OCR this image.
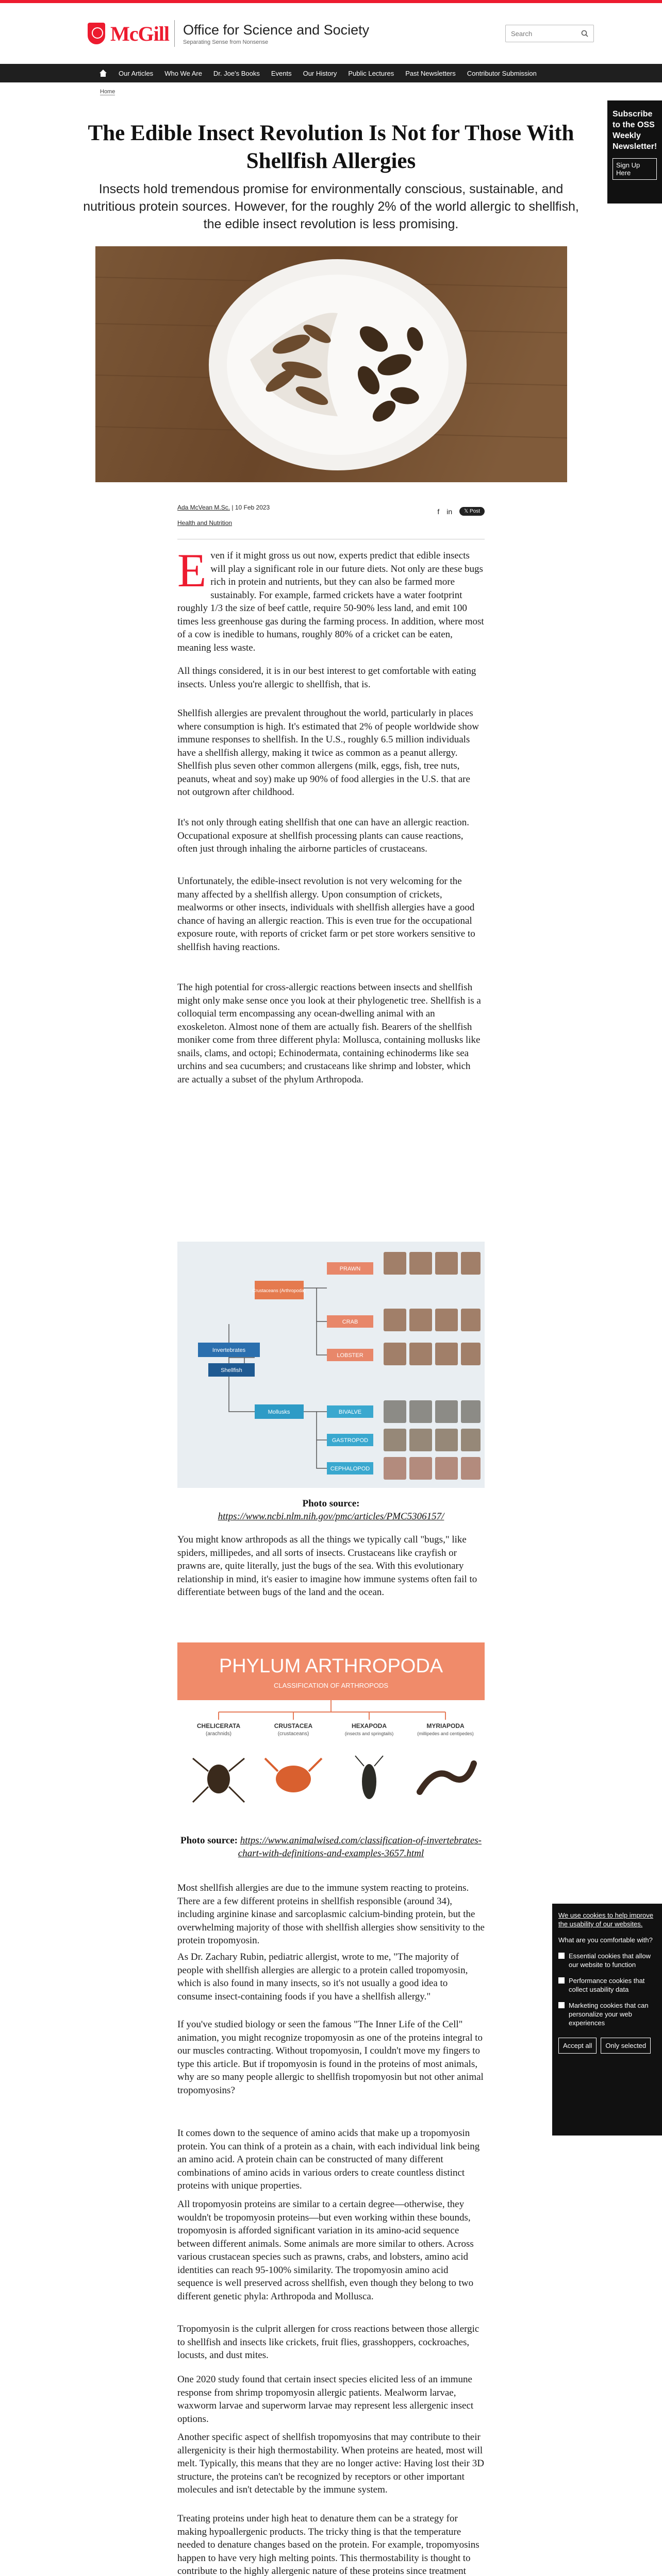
McGill Office for Science and Society
Separating Sense from Nonsense
Search
Our Articles Who We Are Dr. Joe's Books Events Our History Public Lectures Past Newsletters Contributor Submission
Home
Subscribe to the OSS Weekly Newsletter!
Sign Up Here
The Edible Insect Revolution Is Not for Those With Shellfish Allergies
Insects hold tremendous promise for environmentally conscious, sustainable, and nutritious protein sources. However, for the roughly 2% of the world allergic to shellfish, the edible insect revolution is less promising.
Ada McVean M.Sc. | 10 Feb 2023
Health and Nutrition
f in	𝕏 Post
E ven if it might gross us out now, experts predict that edible insects will play a significant role in our future diets. Not only are these bugs rich in protein and nutrients, but they can also be farmed more sustainably. For example, farmed crickets have a water footprint roughly 1/3 the size of beef cattle, require 50-90% less land, and emit 100 times less greenhouse gas during the farming process. In addition, where most of a cow is inedible to humans, roughly 80% of a cricket can be eaten, meaning less waste.
All things considered, it is in our best interest to get comfortable with eating insects. Unless you're allergic to shellfish, that is.
Shellfish allergies are prevalent throughout the world, particularly in places where consumption is high. It's estimated that 2% of people worldwide show immune responses to shellfish. In the U.S., roughly 6.5 million individuals have a shellfish allergy, making it twice as common as a peanut allergy. Shellfish plus seven other common allergens (milk, eggs, fish, tree nuts, peanuts, wheat and soy) make up 90% of food allergies in the U.S. that are not outgrown after childhood.
It's not only through eating shellfish that one can have an allergic reaction. Occupational exposure at shellfish processing plants can cause reactions, often just through inhaling the airborne particles of crustaceans.
Unfortunately, the edible-insect revolution is not very welcoming for the many affected by a shellfish allergy. Upon consumption of crickets, mealworms or other insects, individuals with shellfish allergies have a good chance of having an allergic reaction. This is even true for the occupational exposure route, with reports of cricket farm or pet store workers sensitive to shellfish having reactions.
The high potential for cross-allergic reactions between insects and shellfish might only make sense once you look at their phylogenetic tree. Shellfish is a colloquial term encompassing any ocean-dwelling animal with an exoskeleton. Almost none of them are actually fish. Bearers of the shellfish moniker come from three different phyla: Mollusca, containing mollusks like snails, clams, and octopi; Echinodermata, containing echinoderms like sea urchins and sea cucumbers; and crustaceans like shrimp and lobster, which are actually a subset of the phylum Arthropoda.
Invertebrates
Crustaceans (Arthropoda)
Shellfish
Mollusks
PRAWN
CRAB
LOBSTER
BIVALVE
GASTROPOD
CEPHALOPOD
Photo source:
https://www.ncbi.nlm.nih.gov/pmc/articles/PMC5306157/
You might know arthropods as all the things we typically call "bugs," like spiders, millipedes, and all sorts of insects. Crustaceans like crayfish or prawns are, quite literally, just the bugs of the sea. With this evolutionary relationship in mind, it's easier to imagine how immune systems often fail to differentiate between bugs of the land and the ocean.
PHYLUM ARTHROPODA
CLASSIFICATION OF ARTHROPODS
CHELICERATA
(arachnids)
CRUSTACEA
(crustaceans)
HEXAPODA
(insects and springtails)
MYRIAPODA
(millipedes and centipedes)
Photo source: https://www.animalwised.com/classification-of-invertebrates-chart-with-definitions-and-examples-3657.html
Most shellfish allergies are due to the immune system reacting to proteins. There are a few different proteins in shellfish responsible (around 34), including arginine kinase and sarcoplasmic calcium-binding protein, but the overwhelming majority of those with shellfish allergies show sensitivity to the protein tropomyosin.
As Dr. Zachary Rubin, pediatric allergist, wrote to me, "The majority of people with shellfish allergies are allergic to a protein called tropomyosin, which is also found in many insects, so it's not usually a good idea to consume insect-containing foods if you have a shellfish allergy."
If you've studied biology or seen the famous "The Inner Life of the Cell" animation, you might recognize tropomyosin as one of the proteins integral to our muscles contracting. Without tropomyosin, I couldn't move my fingers to type this article. But if tropomyosin is found in the proteins of most animals, why are so many people allergic to shellfish tropomyosin but not other animal tropomyosins?
It comes down to the sequence of amino acids that make up a tropomyosin protein. You can think of a protein as a chain, with each individual link being an amino acid. A protein chain can be constructed of many different combinations of amino acids in various orders to create countless distinct proteins with unique properties.
All tropomyosin proteins are similar to a certain degree—otherwise, they wouldn't be tropomyosin proteins—but even working within these bounds, tropomyosin is afforded significant variation in its amino-acid sequence between different animals. Some animals are more similar to others. Across various crustacean species such as prawns, crabs, and lobsters, amino acid identities can reach 95-100% similarity. The tropomyosin amino acid sequence is well preserved across shellfish, even though they belong to two different genetic phyla: Arthropoda and Mollusca.
Tropomyosin is the culprit allergen for cross reactions between those allergic to shellfish and insects like crickets, fruit flies, grasshoppers, cockroaches, locusts, and dust mites.
One 2020 study found that certain insect species elicited less of an immune response from shrimp tropomyosin allergic patients. Mealworm larvae, waxworm larvae and superworm larvae may represent less allergenic insect options.
Another specific aspect of shellfish tropomyosins that may contribute to their allergenicity is their high thermostability. When proteins are heated, most will melt. Typically, this means that they are no longer active: Having lost their 3D structure, the proteins can't be recognized by receptors or other important molecules and isn't detectable by the immune system.
Treating proteins under high heat to denature them can be a strategy for making hypoallergenic products. The tricky thing is that the temperature needed to denature changes based on the protein. For example, tropomyosins happen to have very high melting points. This thermostability is thought to contribute to the highly allergenic nature of these proteins since treatment
We use cookies to help improve the usability of our websites.
What are you comfortable with?
Essential cookies that allow our website to function
Performance cookies that collect usability data
Marketing cookies that can personalize your web experiences
Accept all	Only selected
